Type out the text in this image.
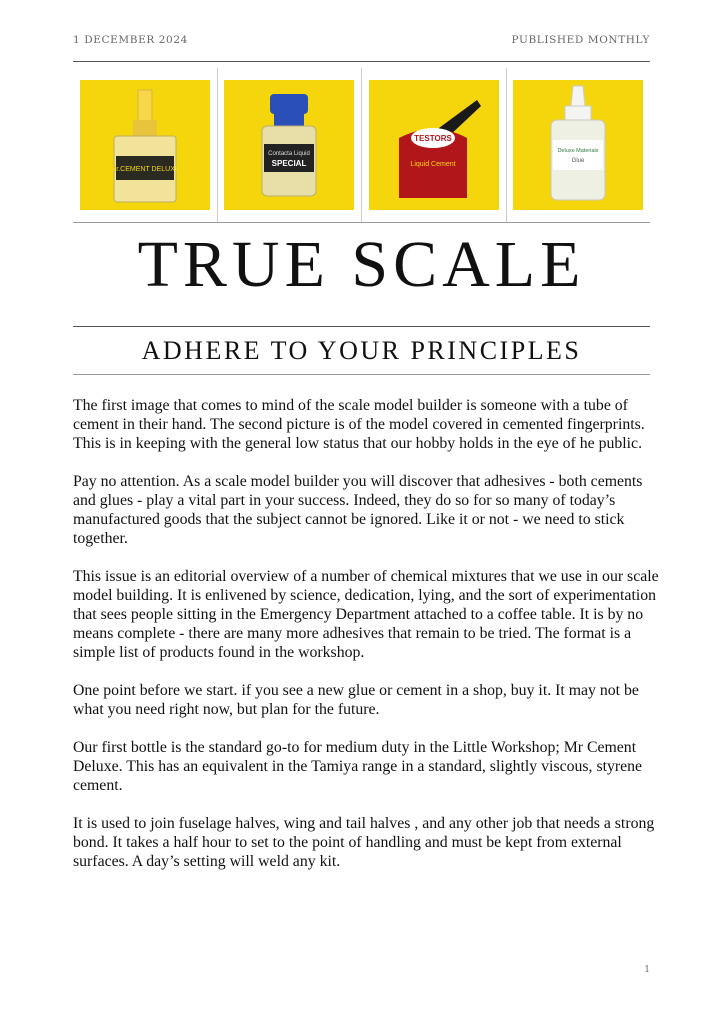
1 DECEMBER 2024	PUBLISHED MONTHLY
Mr.CEMENT DELUXE
Contacta Liquid
SPECIAL
TESTORS
Liquid Cement
Deluxe Materials
Glue
TRUE SCALE
ADHERE TO YOUR PRINCIPLES

The first image that comes to mind of the scale model builder is someone with a tube of cement in their hand. The second picture is of the model covered in cemented fingerprints. This is in keeping with the general low status that our hobby holds in the eye of he public.

Pay no attention. As a scale model builder you will discover that adhesives - both cements and glues - play a vital part in your success. Indeed, they do so for so many of today’s manufactured goods that the subject cannot be ignored. Like it or not - we need to stick together.

This issue is an editorial overview of a number of chemical mixtures that we use in our scale model building. It is enlivened by science, dedication, lying, and the sort of experimentation that sees people sitting in the Emergency Department attached to a coffee table. It is by no means complete - there are many more adhesives that remain to be tried. The format is a simple list of products found in the workshop.

One point before we start. if you see a new glue or cement in a shop, buy it. It may not be what you need right now, but plan for the future.

Our first bottle is the standard go-to for medium duty in the Little Workshop; Mr Cement Deluxe. This has an equivalent in the Tamiya range in a standard, slightly viscous, styrene cement.

It is used to join fuselage halves, wing and tail halves , and any other job that needs a strong bond. It takes a half hour to set to the point of handling and must be kept from external surfaces. A day’s setting will weld any kit.

1
